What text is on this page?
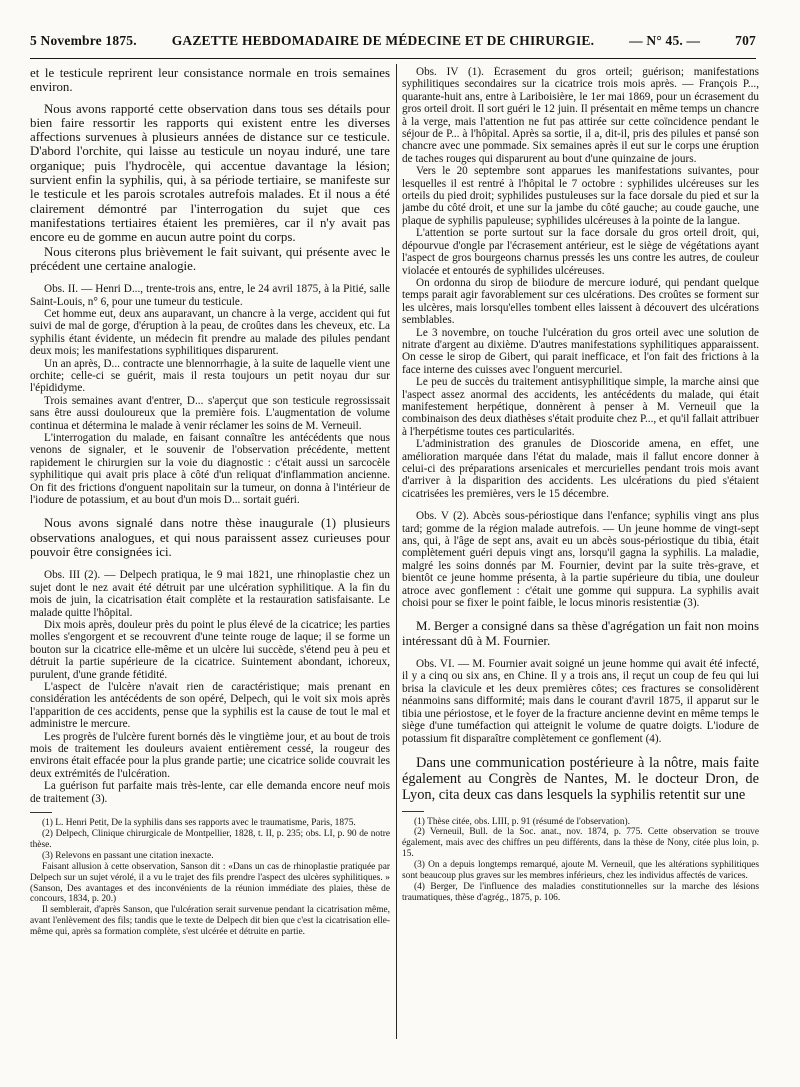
5 Novembre 1875.	GAZETTE HEBDOMADAIRE DE MÉDECINE ET DE CHIRURGIE.	— N° 45. —	707

et le testicule reprirent leur consistance normale en trois semaines environ.

Nous avons rapporté cette observation dans tous ses détails pour bien faire ressortir les rapports qui existent entre les diverses affections survenues à plusieurs années de distance sur ce testicule. D'abord l'orchite, qui laisse au testicule un noyau induré, une tare organique; puis l'hydrocèle, qui accentue davantage la lésion; survient enfin la syphilis, qui, à sa période tertiaire, se manifeste sur le testicule et les parois scrotales autrefois malades. Et il nous a été clairement démontré par l'interrogation du sujet que ces manifestations tertiaires étaient les premières, car il n'y avait pas encore eu de gomme en aucun autre point du corps.

Nous citerons plus brièvement le fait suivant, qui présente avec le précédent une certaine analogie.

Obs. II. — Henri D..., trente-trois ans, entre, le 24 avril 1875, à la Pitié, salle Saint-Louis, n° 6, pour une tumeur du testicule.

Cet homme eut, deux ans auparavant, un chancre à la verge, accident qui fut suivi de mal de gorge, d'éruption à la peau, de croûtes dans les cheveux, etc. La syphilis étant évidente, un médecin fit prendre au malade des pilules pendant deux mois; les manifestations syphilitiques disparurent.

Un an après, D... contracte une blennorrhagie, à la suite de laquelle vient une orchite; celle-ci se guérit, mais il resta toujours un petit noyau dur sur l'épididyme.

Trois semaines avant d'entrer, D... s'aperçut que son testicule regrossissait sans être aussi douloureux que la première fois. L'augmentation de volume continua et détermina le malade à venir réclamer les soins de M. Verneuil.

L'interrogation du malade, en faisant connaître les antécédents que nous venons de signaler, et le souvenir de l'observation précédente, mettent rapidement le chirurgien sur la voie du diagnostic : c'était aussi un sarcocèle syphilitique qui avait pris place à côté d'un reliquat d'inflammation ancienne. On fit des frictions d'onguent napolitain sur la tumeur, on donna à l'intérieur de l'iodure de potassium, et au bout d'un mois D... sortait guéri.

Nous avons signalé dans notre thèse inaugurale (1) plusieurs observations analogues, et qui nous paraissent assez curieuses pour pouvoir être consignées ici.

Obs. III (2). — Delpech pratiqua, le 9 mai 1821, une rhinoplastie chez un sujet dont le nez avait été détruit par une ulcération syphilitique. A la fin du mois de juin, la cicatrisation était complète et la restauration satisfaisante. Le malade quitte l'hôpital.

Dix mois après, douleur près du point le plus élevé de la cicatrice; les parties molles s'engorgent et se recouvrent d'une teinte rouge de laque; il se forme un bouton sur la cicatrice elle-même et un ulcère lui succède, s'étend peu à peu et détruit la partie supérieure de la cicatrice. Suintement abondant, ichoreux, purulent, d'une grande fétidité.

L'aspect de l'ulcère n'avait rien de caractéristique; mais prenant en considération les antécédents de son opéré, Delpech, qui le voit six mois après l'apparition de ces accidents, pense que la syphilis est la cause de tout le mal et administre le mercure.

Les progrès de l'ulcère furent bornés dès le vingtième jour, et au bout de trois mois de traitement les douleurs avaient entièrement cessé, la rougeur des environs était effacée pour la plus grande partie; une cicatrice solide couvrait les deux extrémités de l'ulcération.

La guérison fut parfaite mais très-lente, car elle demanda encore neuf mois de traitement (3).

(1) L. Henri Petit, De la syphilis dans ses rapports avec le traumatisme, Paris, 1875.

(2) Delpech, Clinique chirurgicale de Montpellier, 1828, t. II, p. 235; obs. LI, p. 90 de notre thèse.

(3) Relevons en passant une citation inexacte.

Faisant allusion à cette observation, Sanson dit : «Dans un cas de rhinoplastie pratiquée par Delpech sur un sujet vérolé, il a vu le trajet des fils prendre l'aspect des ulcères syphilitiques. » (Sanson, Des avantages et des inconvénients de la réunion immédiate des plaies, thèse de concours, 1834, p. 20.)

Il semblerait, d'après Sanson, que l'ulcération serait survenue pendant la cicatrisation même, avant l'enlèvement des fils; tandis que le texte de Delpech dit bien que c'est la cicatrisation elle-même qui, après sa formation complète, s'est ulcérée et détruite en partie.

Obs. IV (1). Écrasement du gros orteil; guérison; manifestations syphilitiques secondaires sur la cicatrice trois mois après. — François P..., quarante-huit ans, entre à Lariboisière, le 1er mai 1869, pour un écrasement du gros orteil droit. Il sort guéri le 12 juin. Il présentait en même temps un chancre à la verge, mais l'attention ne fut pas attirée sur cette coïncidence pendant le séjour de P... à l'hôpital. Après sa sortie, il a, dit-il, pris des pilules et pansé son chancre avec une pommade. Six semaines après il eut sur le corps une éruption de taches rouges qui disparurent au bout d'une quinzaine de jours.

Vers le 20 septembre sont apparues les manifestations suivantes, pour lesquelles il est rentré à l'hôpital le 7 octobre : syphilides ulcéreuses sur les orteils du pied droit; syphilides pustuleuses sur la face dorsale du pied et sur la jambe du côté droit, et une sur la jambe du côté gauche; au coude gauche, une plaque de syphilis papuleuse; syphilides ulcéreuses à la pointe de la langue.

L'attention se porte surtout sur la face dorsale du gros orteil droit, qui, dépourvue d'ongle par l'écrasement antérieur, est le siège de végétations ayant l'aspect de gros bourgeons charnus pressés les uns contre les autres, de couleur violacée et entourés de syphilides ulcéreuses.

On ordonna du sirop de biiodure de mercure ioduré, qui pendant quelque temps parait agir favorablement sur ces ulcérations. Des croûtes se forment sur les ulcères, mais lorsqu'elles tombent elles laissent à découvert des ulcérations semblables.

Le 3 novembre, on touche l'ulcération du gros orteil avec une solution de nitrate d'argent au dixième. D'autres manifestations syphilitiques apparaissent. On cesse le sirop de Gibert, qui parait inefficace, et l'on fait des frictions à la face interne des cuisses avec l'onguent mercuriel.

Le peu de succès du traitement antisyphilitique simple, la marche ainsi que l'aspect assez anormal des accidents, les antécédents du malade, qui était manifestement herpétique, donnèrent à penser à M. Verneuil que la combinaison des deux diathèses s'était produite chez P..., et qu'il fallait attribuer à l'herpétisme toutes ces particularités.

L'administration des granules de Dioscoride amena, en effet, une amélioration marquée dans l'état du malade, mais il fallut encore donner à celui-ci des préparations arsenicales et mercurielles pendant trois mois avant d'arriver à la disparition des accidents. Les ulcérations du pied s'étaient cicatrisées les premières, vers le 15 décembre.

Obs. V (2). Abcès sous-périostique dans l'enfance; syphilis vingt ans plus tard; gomme de la région malade autrefois. — Un jeune homme de vingt-sept ans, qui, à l'âge de sept ans, avait eu un abcès sous-périostique du tibia, était complètement guéri depuis vingt ans, lorsqu'il gagna la syphilis. La maladie, malgré les soins donnés par M. Fournier, devint par la suite très-grave, et bientôt ce jeune homme présenta, à la partie supérieure du tibia, une douleur atroce avec gonflement : c'était une gomme qui suppura. La syphilis avait choisi pour se fixer le point faible, le locus minoris resistentiæ (3).

M. Berger a consigné dans sa thèse d'agrégation un fait non moins intéressant dû à M. Fournier.

Obs. VI. — M. Fournier avait soigné un jeune homme qui avait été infecté, il y a cinq ou six ans, en Chine. Il y a trois ans, il reçut un coup de feu qui lui brisa la clavicule et les deux premières côtes; ces fractures se consolidèrent néanmoins sans difformité; mais dans le courant d'avril 1875, il apparut sur le tibia une périostose, et le foyer de la fracture ancienne devint en même temps le siège d'une tuméfaction qui atteignit le volume de quatre doigts. L'iodure de potassium fit disparaître complètement ce gonflement (4).

Dans une communication postérieure à la nôtre, mais faite également au Congrès de Nantes, M. le docteur Dron, de Lyon, cita deux cas dans lesquels la syphilis retentit sur une

(1) Thèse citée, obs. LIII, p. 91 (résumé de l'observation).

(2) Verneuil, Bull. de la Soc. anat., nov. 1874, p. 775. Cette observation se trouve également, mais avec des chiffres un peu différents, dans la thèse de Nony, citée plus loin, p. 15.

(3) On a depuis longtemps remarqué, ajoute M. Verneuil, que les altérations syphilitiques sont beaucoup plus graves sur les membres inférieurs, chez les individus affectés de varices.

(4) Berger, De l'influence des maladies constitutionnelles sur la marche des lésions traumatiques, thèse d'agrég., 1875, p. 106.
